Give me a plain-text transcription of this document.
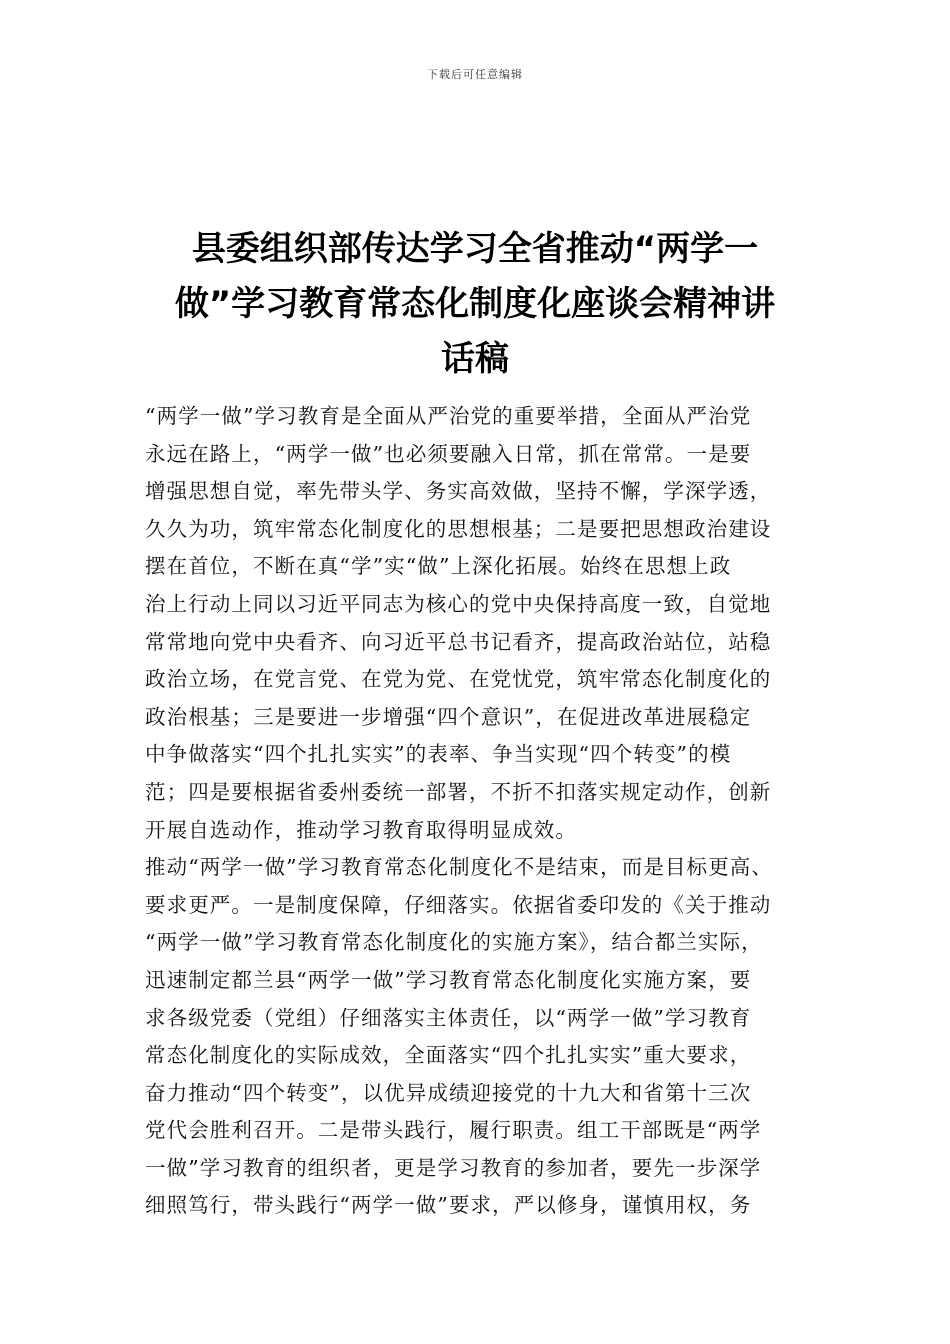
下载后可任意编辑
县委组织部传达学习全省推动“两学一
做”学习教育常态化制度化座谈会精神讲
话稿

“两学一做”学习教育是全面从严治党的重要举措，全面从严治党
永远在路上，“两学一做”也必须要融入日常，抓在常常。一是要
增强思想自觉，率先带头学、务实高效做，坚持不懈，学深学透，
久久为功，筑牢常态化制度化的思想根基；二是要把思想政治建设
摆在首位，不断在真“学”实“做”上深化拓展。始终在思想上政
治上行动上同以习近平同志为核心的党中央保持高度一致，自觉地
常常地向党中央看齐、向习近平总书记看齐，提高政治站位，站稳
政治立场，在党言党、在党为党、在党忧党，筑牢常态化制度化的
政治根基；三是要进一步增强“四个意识”，在促进改革进展稳定
中争做落实“四个扎扎实实”的表率、争当实现“四个转变”的模
范；四是要根据省委州委统一部署，不折不扣落实规定动作，创新
开展自选动作，推动学习教育取得明显成效。

推动“两学一做”学习教育常态化制度化不是结束，而是目标更高、
要求更严。一是制度保障，仔细落实。依据省委印发的《关于推动
“两学一做”学习教育常态化制度化的实施方案》，结合都兰实际，
迅速制定都兰县“两学一做”学习教育常态化制度化实施方案，要
求各级党委（党组）仔细落实主体责任，以“两学一做”学习教育
常态化制度化的实际成效，全面落实“四个扎扎实实”重大要求，
奋力推动“四个转变”，以优异成绩迎接党的十九大和省第十三次
党代会胜利召开。二是带头践行，履行职责。组工干部既是“两学
一做”学习教育的组织者，更是学习教育的参加者，要先一步深学
细照笃行，带头践行“两学一做”要求，严以修身，谨慎用权，务
